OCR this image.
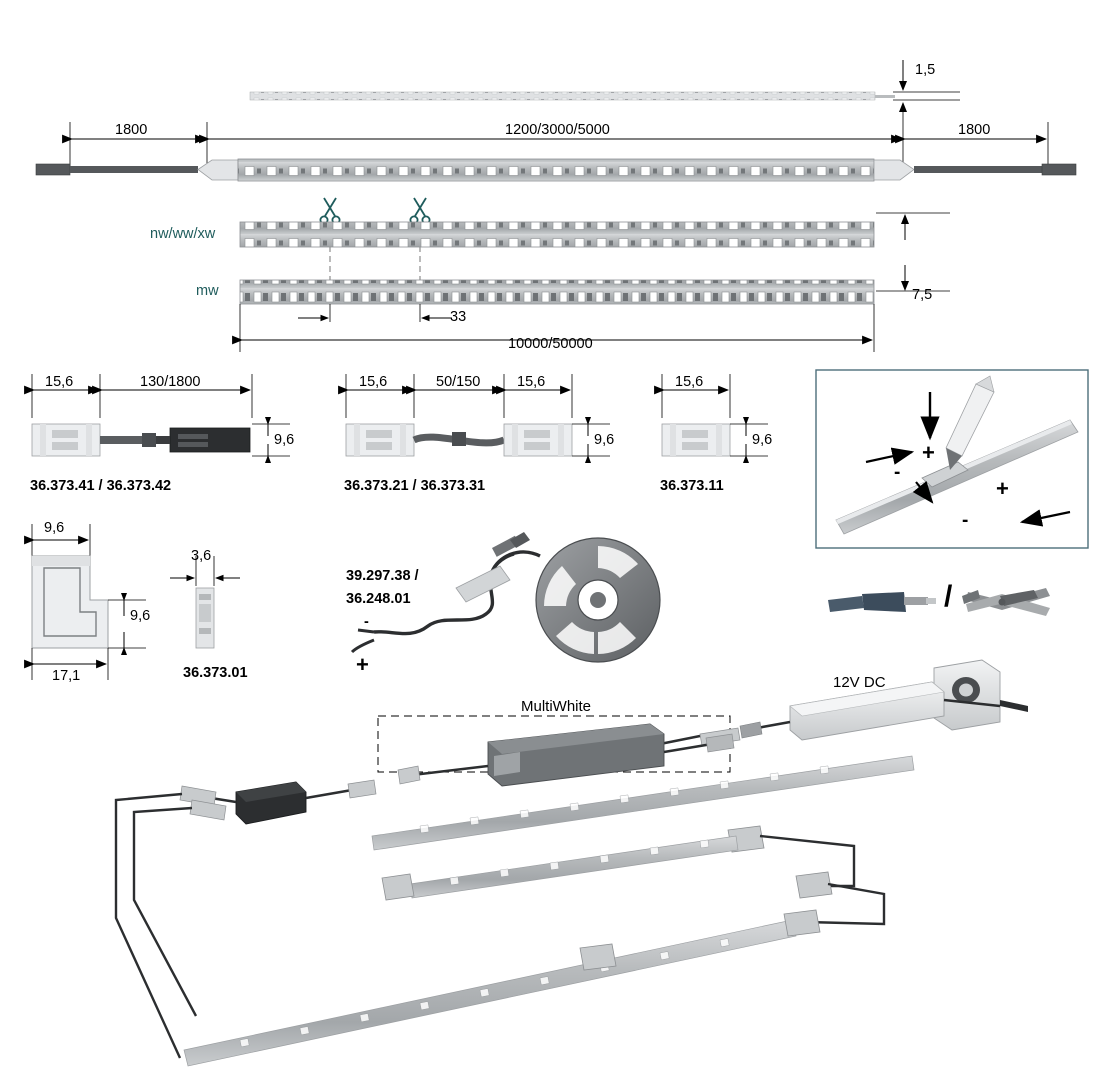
1,5
1800	1200/3000/5000	1800
nw/ww/xw
mw	7,5
33
10000/50000
15,6	130/1800
9,6
36.373.41 / 36.373.42
15,6	50/150	15,6
9,6
36.373.21 / 36.373.31
15,6
9,6
36.373.11
9,6
9,6
17,1
3,6
36.373.01
39.297.38 /
36.248.01
+
-
+
+
-
-
/
MultiWhite
12V DC
